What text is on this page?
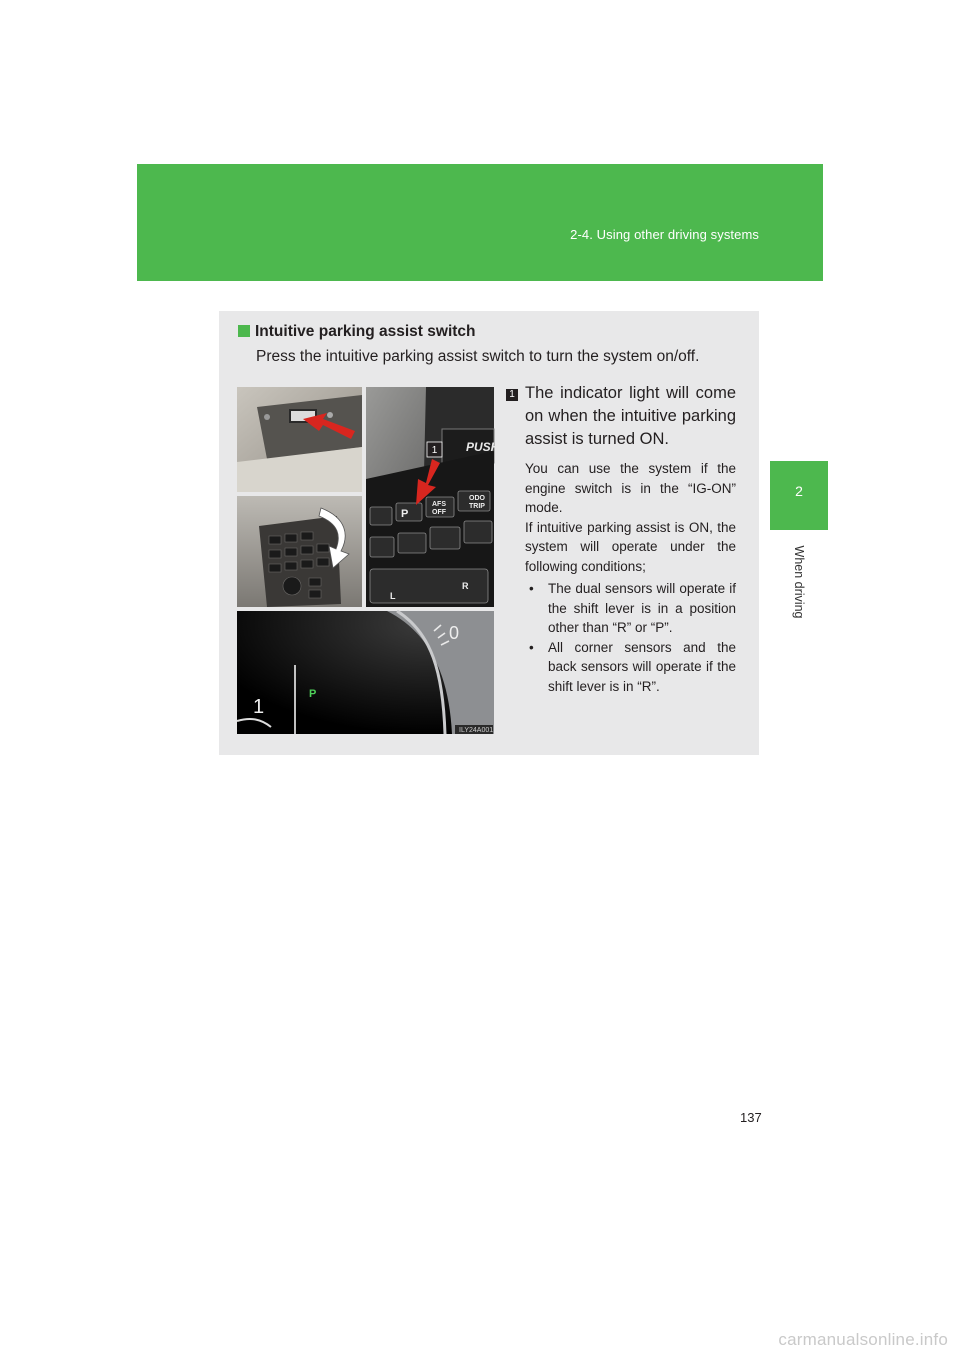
2-4. Using other driving systems
2
When driving
Intuitive parking assist switch
Press the intuitive parking assist switch to turn the system on/off.
PUSH
P
AFS
OFF
ODO
TRIP
L
R
1
0
P
1
ILY24A001
1 The indicator light will come on when the intuitive parking assist is turned ON.

You can use the system if the engine switch is in the “IG-ON” mode.

If intuitive parking assist is ON, the system will operate under the following conditions;

• The dual sensors will operate if the shift lever is in a position other than “R” or “P”.
• All corner sensors and the back sensors will operate if the shift lever is in “R”.
137
carmanualsonline.info
